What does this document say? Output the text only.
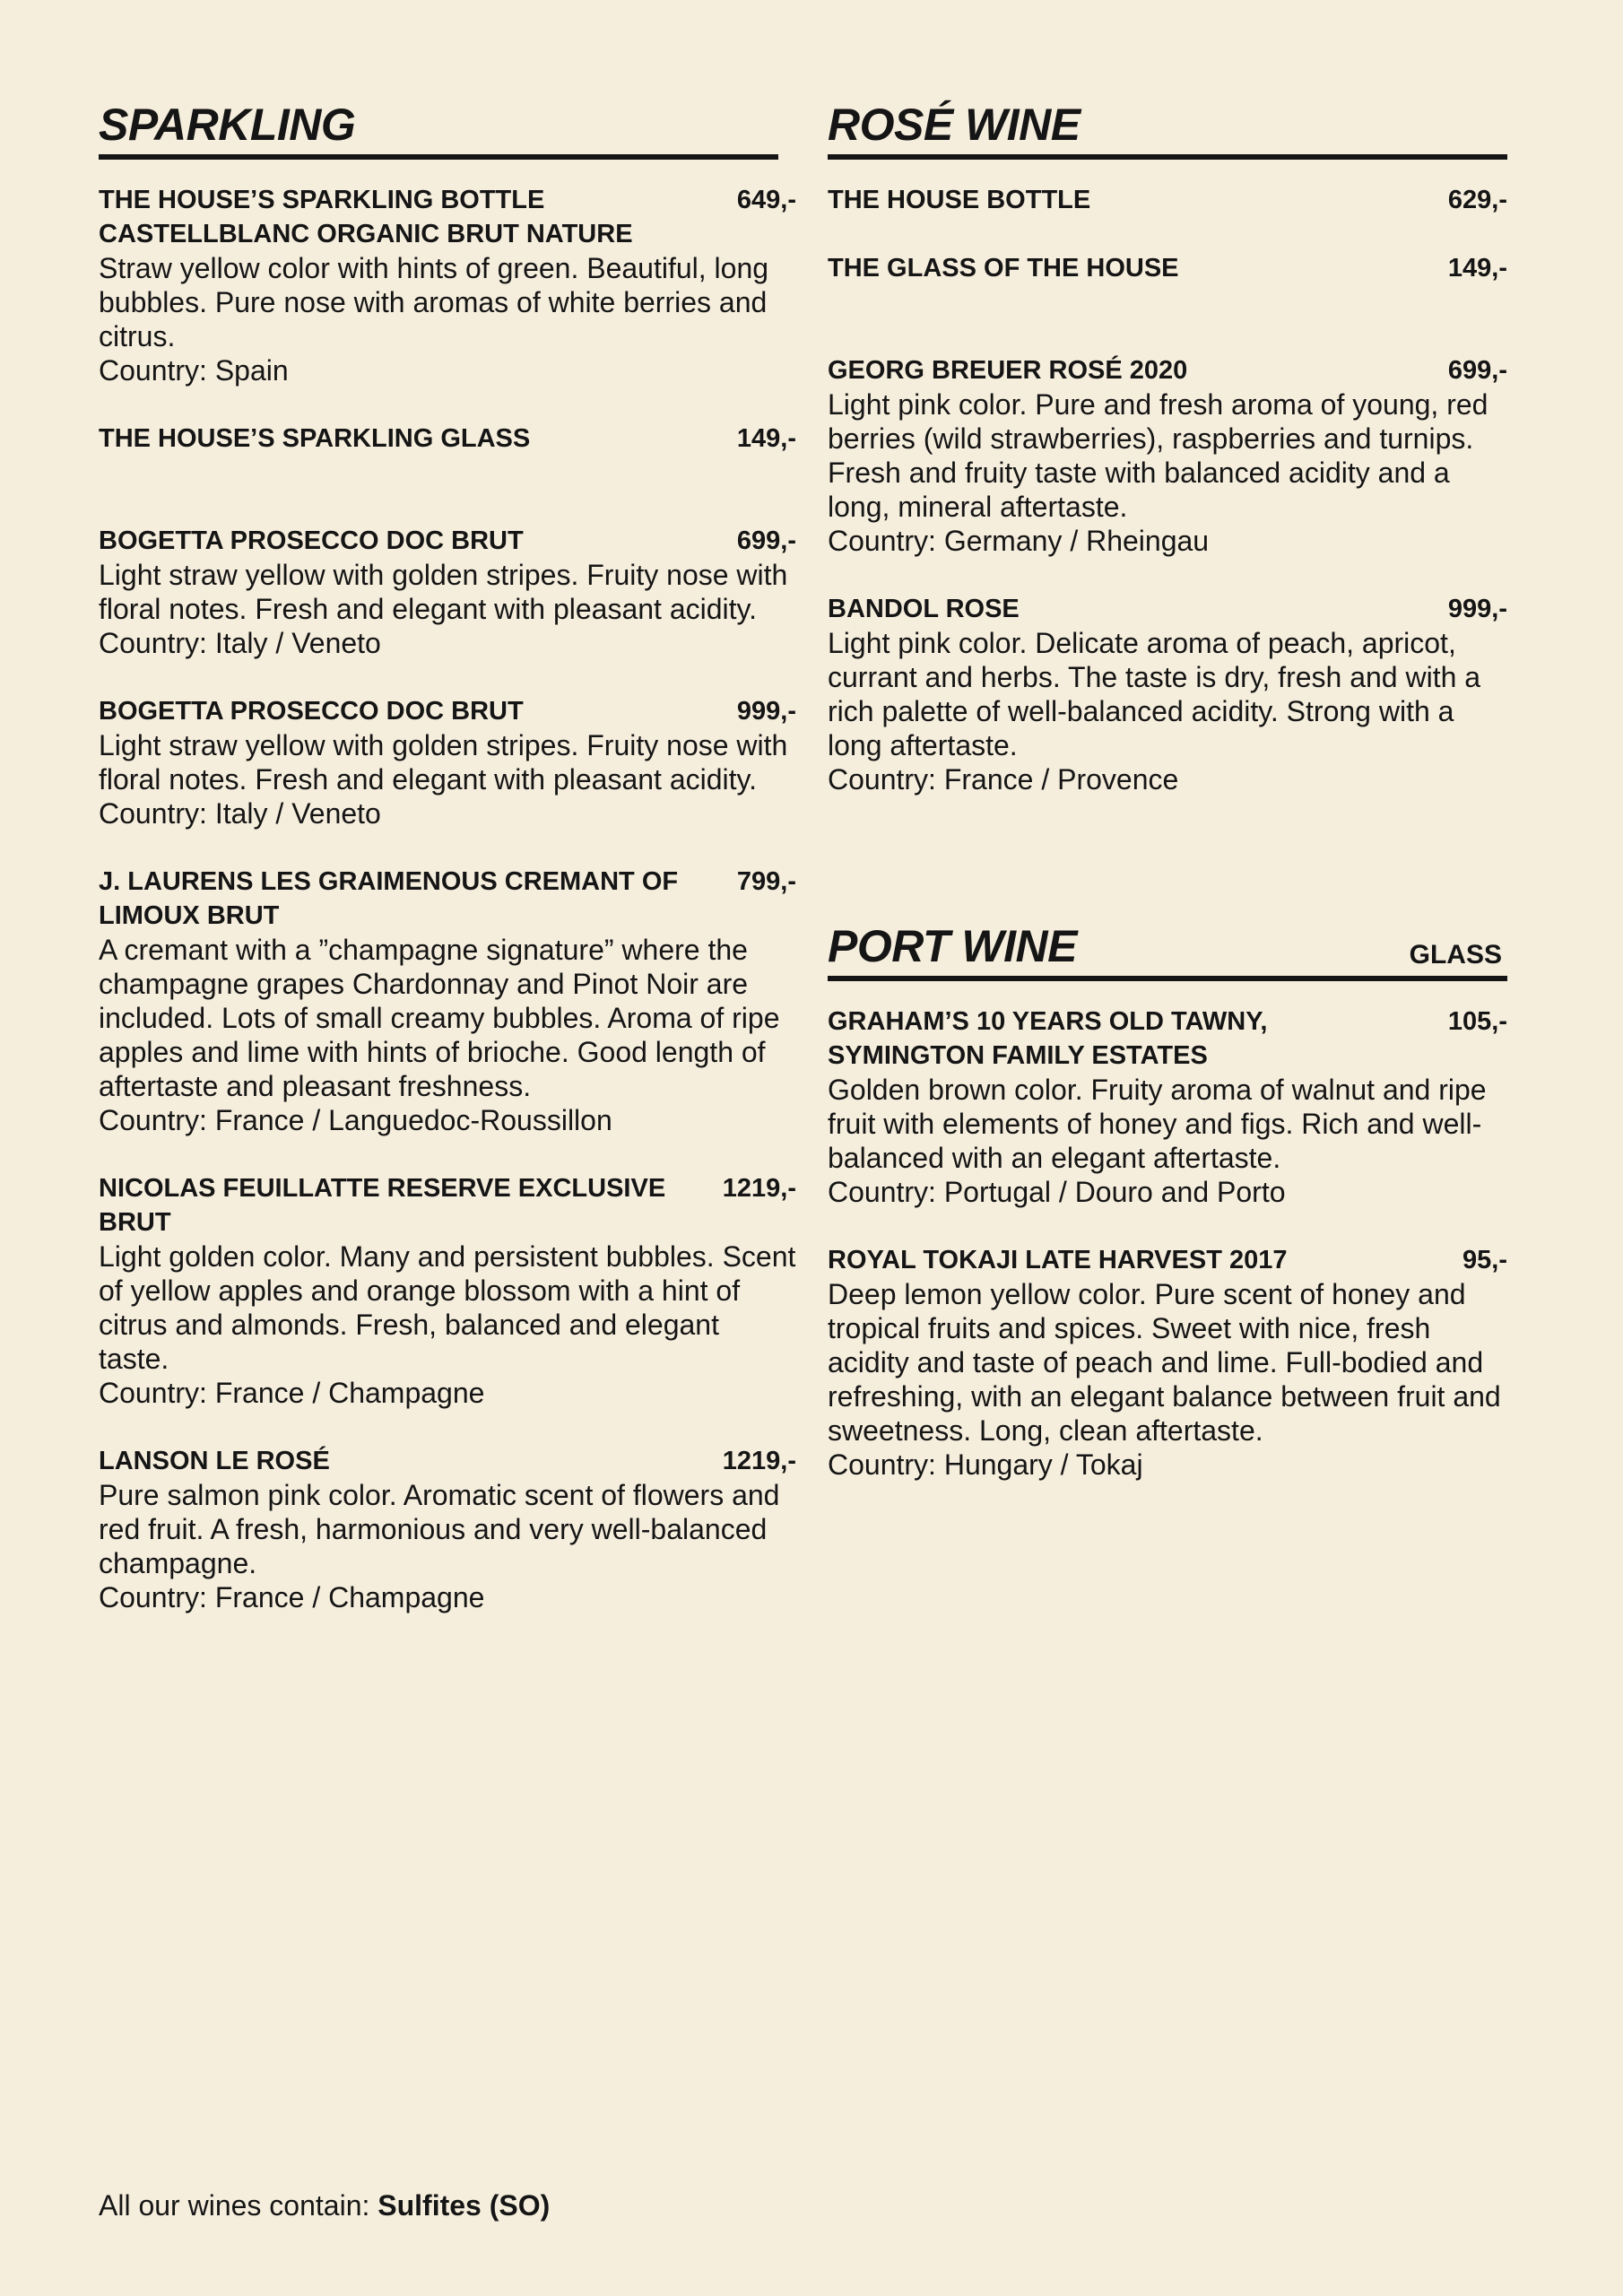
SPARKLING
THE HOUSE’S SPARKLING BOTTLE CASTELLBLANC ORGANIC BRUT NATURE
649,-

Straw yellow color with hints of green. Beautiful, long bubbles. Pure nose with aromas of white berries and citrus.

Country: Spain

THE HOUSE’S SPARKLING GLASS	149,-
BOGETTA PROSECCO DOC BRUT	699,-

Light straw yellow with golden stripes. Fruity nose with floral notes. Fresh and elegant with pleasant acidity.

Country: Italy / Veneto

BOGETTA PROSECCO DOC BRUT	999,-

Light straw yellow with golden stripes. Fruity nose with floral notes. Fresh and elegant with pleasant acidity.

Country: Italy / Veneto

J. LAURENS LES GRAIMENOUS CREMANT OF LIMOUX BRUT
799,-

A cremant with a ”champagne signature” where the champagne grapes Chardonnay and Pinot Noir are included. Lots of small creamy bubbles. Aroma of ripe apples and lime with hints of brioche. Good length of aftertaste and pleasant freshness.

Country: France / Languedoc-Roussillon

NICOLAS FEUILLATTE RESERVE EXCLUSIVE BRUT
1219,-

Light golden color. Many and persistent bubbles. Scent of yellow apples and orange blossom with a hint of citrus and almonds. Fresh, balanced and elegant taste.

Country: France / Champagne

LANSON LE ROSÉ	1219,-

Pure salmon pink color. Aromatic scent of flowers and red fruit. A fresh, harmonious and very well-balanced champagne.

Country: France / Champagne

ROSÉ WINE
THE HOUSE BOTTLE	629,-
THE GLASS OF THE HOUSE	149,-
GEORG BREUER ROSÉ 2020	699,-

Light pink color. Pure and fresh aroma of young, red berries (wild strawberries), raspberries and turnips. Fresh and fruity taste with balanced acidity and a long, mineral aftertaste.

Country: Germany / Rheingau

BANDOL ROSE	999,-

Light pink color. Delicate aroma of peach, apricot, currant and herbs. The taste is dry, fresh and with a rich palette of well-balanced acidity. Strong with a long aftertaste.

Country: France / Provence

PORT WINE	GLASS
GRAHAM’S 10 YEARS OLD TAWNY, SYMINGTON FAMILY ESTATES
105,-

Golden brown color. Fruity aroma of walnut and ripe fruit with elements of honey and figs. Rich and well-balanced with an elegant aftertaste.

Country: Portugal / Douro and Porto

ROYAL TOKAJI LATE HARVEST 2017	95,-

Deep lemon yellow color. Pure scent of honey and tropical fruits and spices. Sweet with nice, fresh acidity and taste of peach and lime. Full-bodied and refreshing, with an elegant balance between fruit and sweetness. Long, clean aftertaste.

Country: Hungary / Tokaj

All our wines contain: Sulfites (SO)
